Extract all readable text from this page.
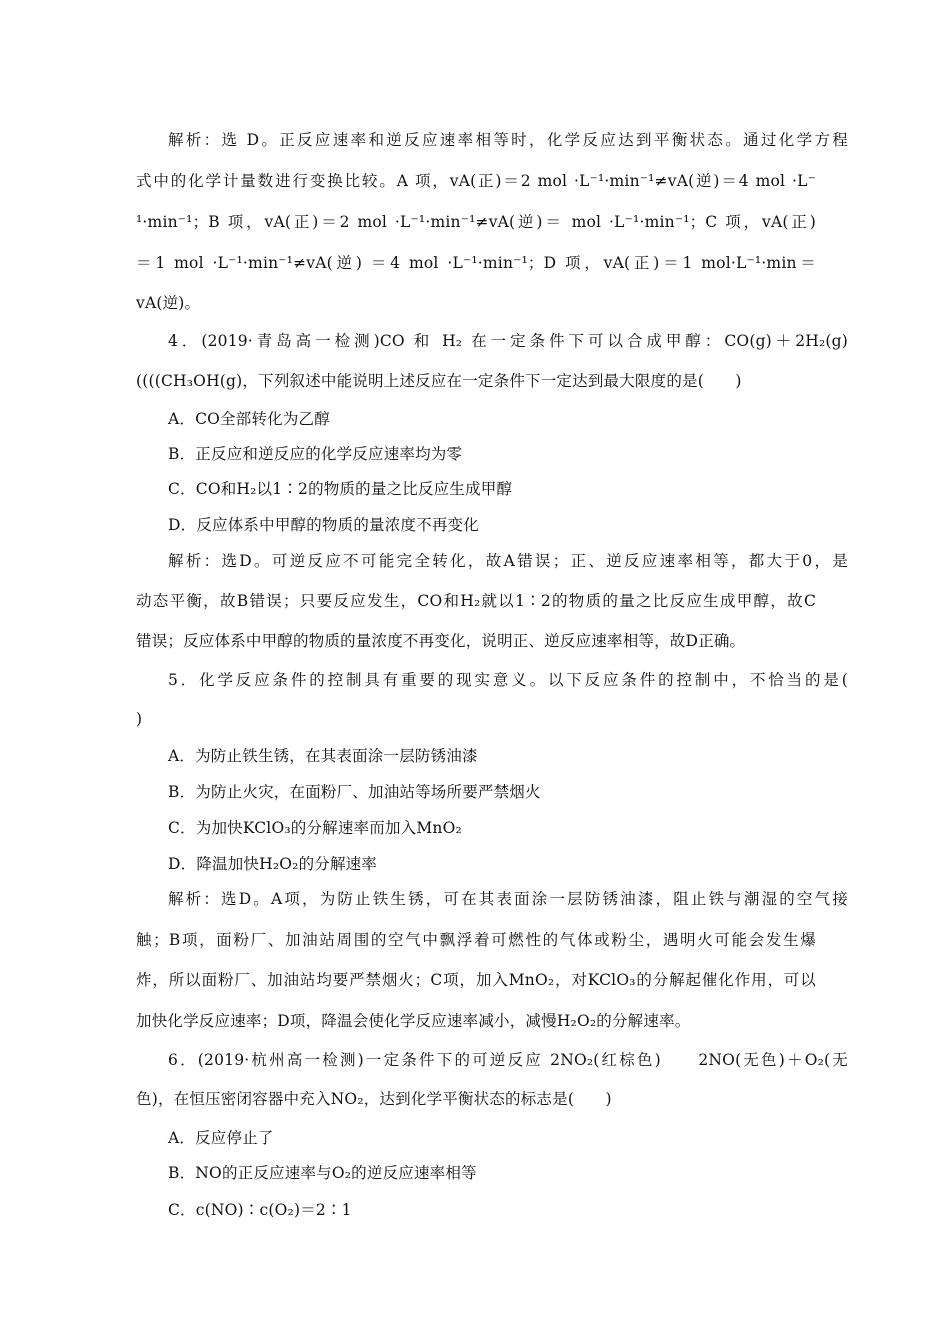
解析：选 D。正反应速率和逆反应速率相等时，化学反应达到平衡状态。通过化学方程
式中的化学计量数进行变换比较。A 项，vA(正)＝2 mol ·L⁻¹·min⁻¹≠vA(逆)＝4 mol ·L⁻
¹·min⁻¹；B 项，vA(正)＝2 mol ·L⁻¹·min⁻¹≠vA(逆)＝ mol ·L⁻¹·min⁻¹；C 项，vA(正)
＝1 mol ·L⁻¹·min⁻¹≠vA(逆) ＝4 mol ·L⁻¹·min⁻¹；D 项，vA(正)＝1 mol·L⁻¹·min＝
vA(逆)。
4．(2019·青岛高一检测)CO 和 H₂ 在一定条件下可以合成甲醇：CO(g)＋2H₂(g)
((((CH₃OH(g)，下列叙述中能说明上述反应在一定条件下一定达到最大限度的是(　　)
A．CO全部转化为乙醇
B．正反应和逆反应的化学反应速率均为零
C．CO和H₂以1∶2的物质的量之比反应生成甲醇
D．反应体系中甲醇的物质的量浓度不再变化
解析：选D。可逆反应不可能完全转化，故A错误；正、逆反应速率相等，都大于0，是
动态平衡，故B错误；只要反应发生，CO和H₂就以1∶2的物质的量之比反应生成甲醇，故C
错误；反应体系中甲醇的物质的量浓度不再变化，说明正、逆反应速率相等，故D正确。
5．化学反应条件的控制具有重要的现实意义。以下反应条件的控制中，不恰当的是(
)
A．为防止铁生锈，在其表面涂一层防锈油漆
B．为防止火灾，在面粉厂、加油站等场所要严禁烟火
C．为加快KClO₃的分解速率而加入MnO₂
D．降温加快H₂O₂的分解速率
解析：选D。A项，为防止铁生锈，可在其表面涂一层防锈油漆，阻止铁与潮湿的空气接
触；B项，面粉厂、加油站周围的空气中飘浮着可燃性的气体或粉尘，遇明火可能会发生爆
炸，所以面粉厂、加油站均要严禁烟火；C项，加入MnO₂，对KClO₃的分解起催化作用，可以
加快化学反应速率；D项，降温会使化学反应速率减小，减慢H₂O₂的分解速率。
6．(2019·杭州高一检测)一定条件下的可逆反应 2NO₂(红棕色)　　2NO(无色)＋O₂(无
色)，在恒压密闭容器中充入NO₂，达到化学平衡状态的标志是(　　)
A．反应停止了
B．NO的正反应速率与O₂的逆反应速率相等
C．c(NO)∶c(O₂)＝2∶1
